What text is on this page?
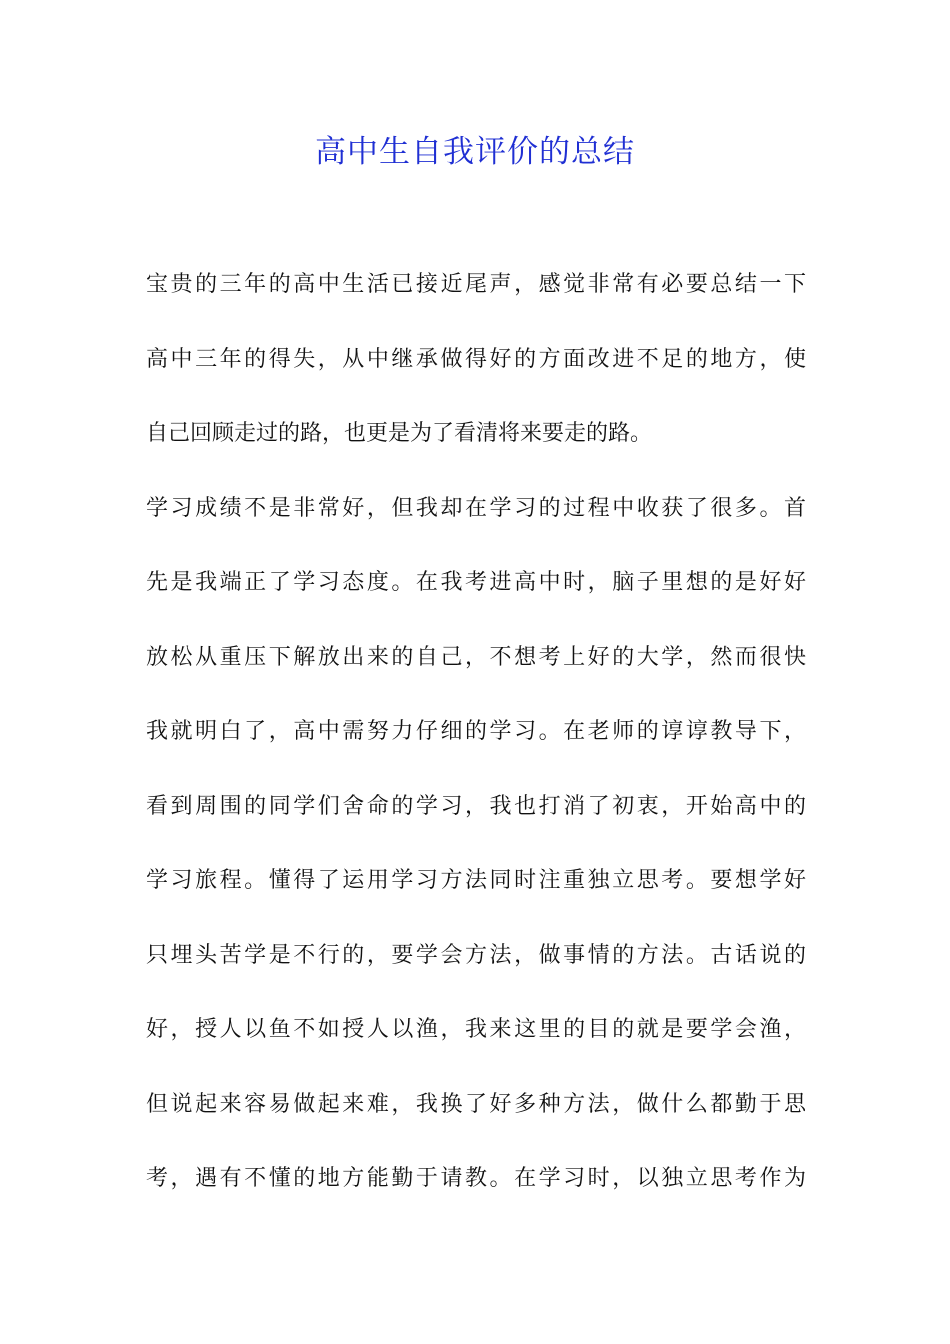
高中生自我评价的总结
宝贵的三年的高中生活已接近尾声，感觉非常有必要总结一下
高中三年的得失，从中继承做得好的方面改进不足的地方，使
自己回顾走过的路，也更是为了看清将来要走的路。
学习成绩不是非常好，但我却在学习的过程中收获了很多。首
先是我端正了学习态度。在我考进高中时，脑子里想的是好好
放松从重压下解放出来的自己，不想考上好的大学，然而很快
我就明白了，高中需努力仔细的学习。在老师的谆谆教导下，
看到周围的同学们舍命的学习，我也打消了初衷，开始高中的
学习旅程。懂得了运用学习方法同时注重独立思考。要想学好
只埋头苦学是不行的，要学会方法，做事情的方法。古话说的
好，授人以鱼不如授人以渔，我来这里的目的就是要学会渔，
但说起来容易做起来难，我换了好多种方法，做什么都勤于思
考，遇有不懂的地方能勤于请教。在学习时，以独立思考作为
